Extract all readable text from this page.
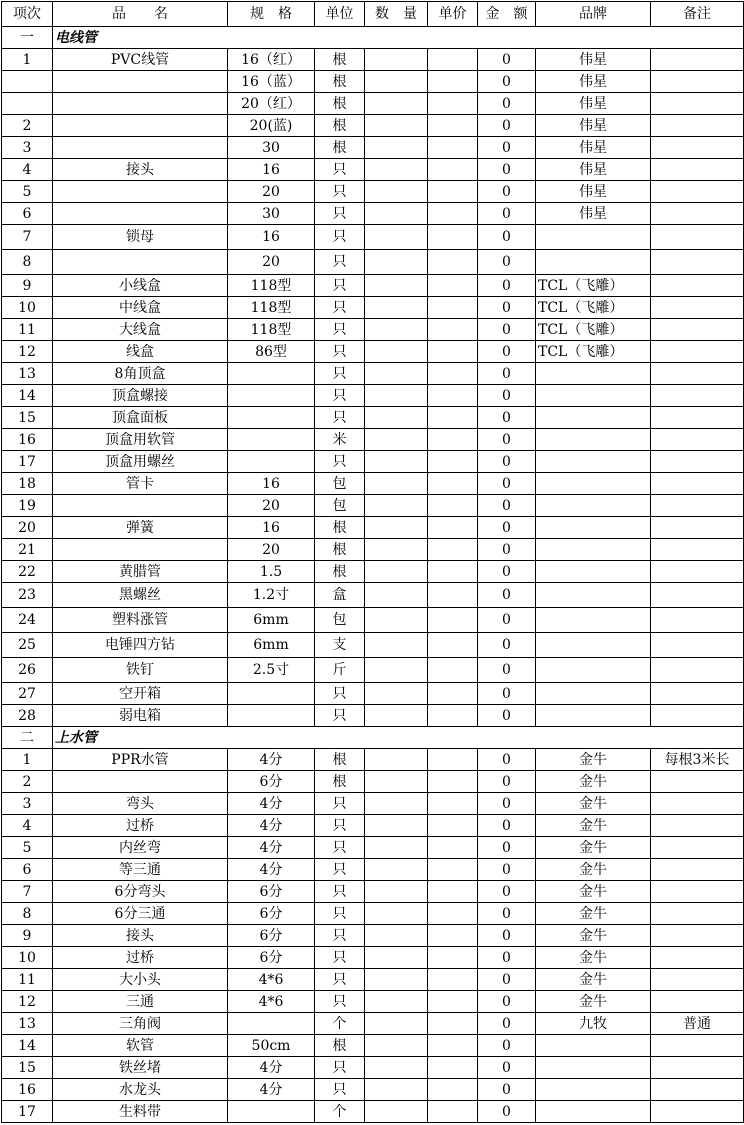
项次	品　　名	规　格	单位	数　量	单价	金　额	品牌	备注
一	电线管							
1	PVC线管	16（红）	根			0	伟星	
		16（蓝）	根			0	伟星	
		20（红）	根			0	伟星	
2		20(蓝)	根			0	伟星	
3		30	根			0	伟星	
4	接头	16	只			0	伟星	
5		20	只			0	伟星	
6		30	只			0	伟星	
7	锁母	16	只			0		
8		20	只			0		
9	小线盒	118型	只			0	TCL（飞雕）	
10	中线盒	118型	只			0	TCL（飞雕）	
11	大线盒	118型	只			0	TCL（飞雕）	
12	线盒	86型	只			0	TCL（飞雕）	
13	8角顶盒		只			0		
14	顶盒螺接		只			0		
15	顶盒面板		只			0		
16	顶盒用软管		米			0		
17	顶盒用螺丝		只			0		
18	管卡	16	包			0		
19		20	包			0		
20	弹簧	16	根			0		
21		20	根			0		
22	黄腊管	1.5	根			0		
23	黑螺丝	1.2寸	盒			0		
24	塑料涨管	6mm	包			0		
25	电锤四方钻	6mm	支			0		
26	铁钉	2.5寸	斤			0		
27	空开箱		只			0		
28	弱电箱		只			0		
二	上水管							
1	PPR水管	4分	根			0	金牛	每根3米长
2		6分	根			0	金牛	
3	弯头	4分	只			0	金牛	
4	过桥	4分	只			0	金牛	
5	内丝弯	4分	只			0	金牛	
6	等三通	4分	只			0	金牛	
7	6分弯头	6分	只			0	金牛	
8	6分三通	6分	只			0	金牛	
9	接头	6分	只			0	金牛	
10	过桥	6分	只			0	金牛	
11	大小头	4*6	只			0	金牛	
12	三通	4*6	只			0	金牛	
13	三角阀		个			0	九牧	普通
14	软管	50cm	根			0		
15	铁丝堵	4分	只			0		
16	水龙头	4分	只			0		
17	生料带		个			0		
